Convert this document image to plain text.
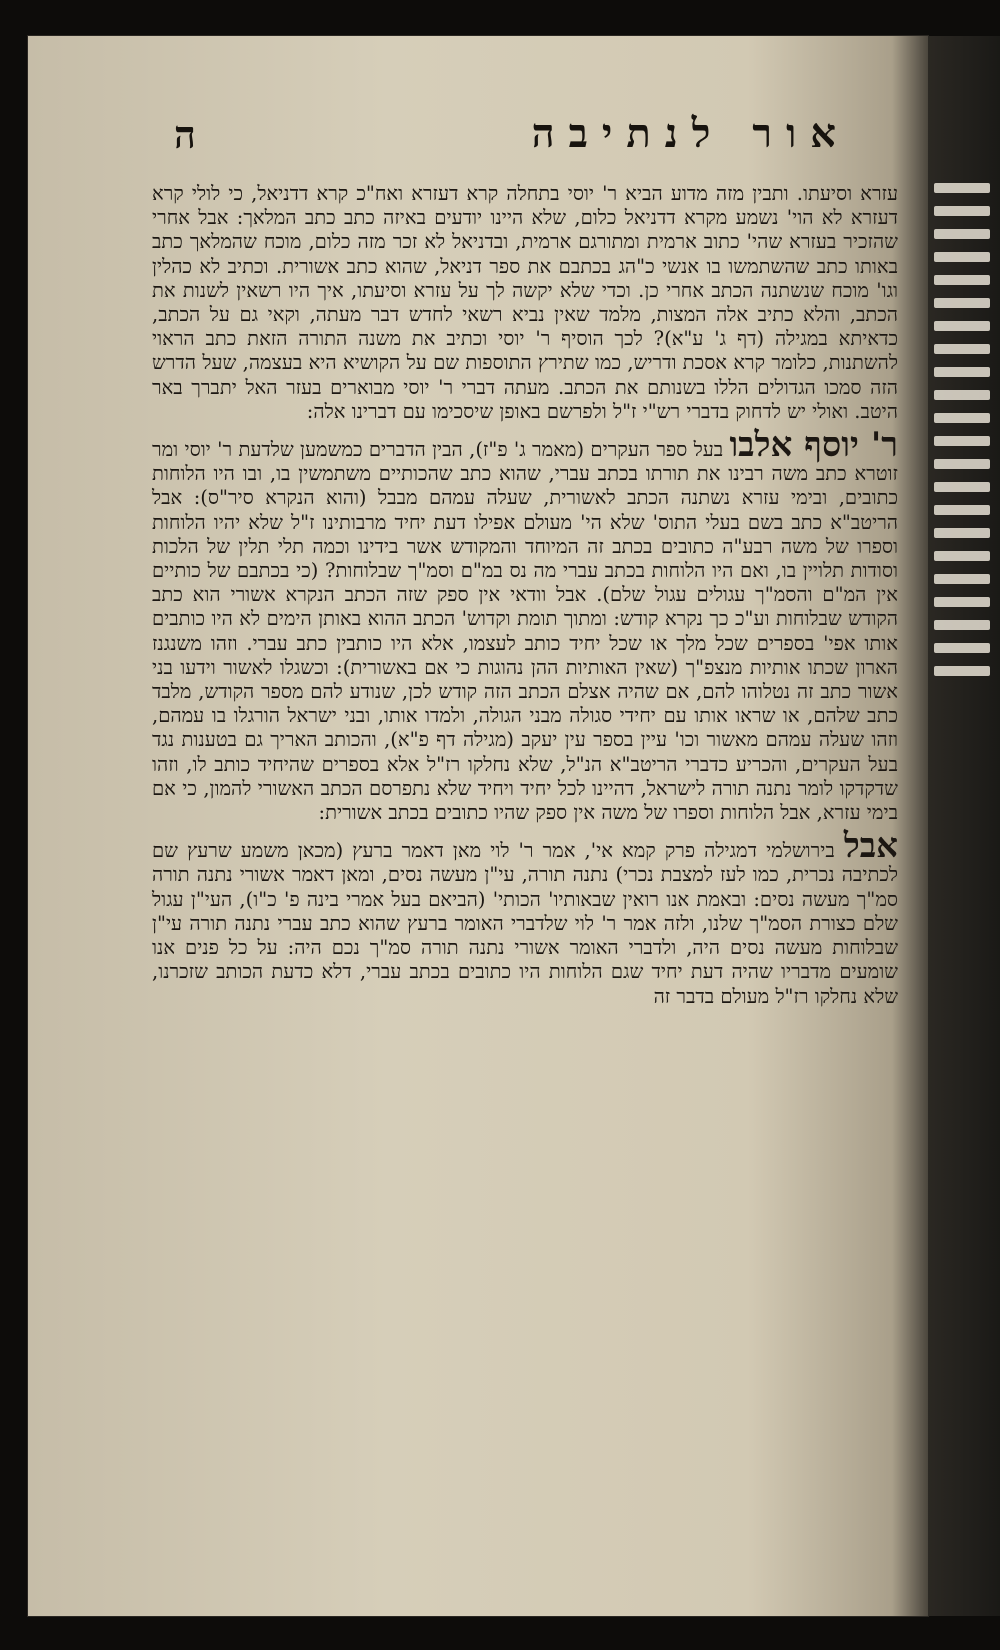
אור לנתיבה
ה

עזרא וסיעתו. ותבין מזה מדוע הביא ר' יוסי בתחלה קרא דעזרא ואח"כ קרא דדניאל, כי לולי קרא דעזרא לא הוי' נשמע מקרא דדניאל כלום, שלא היינו יודעים באיזה כתב כתב המלאך: אבל אחרי שהזכיר בעזרא שהי' כתוב ארמית ומתורגם ארמית, ובדניאל לא זכר מזה כלום, מוכח שהמלאך כתב באותו כתב שהשתמשו בו אנשי כ"הג בכתבם את ספר דניאל, שהוא כתב אשורית. וכתיב לא כהלין וגו' מוכח שנשתנה הכתב אחרי כן. וכדי שלא יקשה לך על עזרא וסיעתו, איך היו רשאין לשנות את הכתב, והלא כתיב אלה המצות, מלמד שאין נביא רשאי לחדש דבר מעתה, וקאי גם על הכתב, כדאיתא במגילה (דף ג' ע"א)? לכך הוסיף ר' יוסי וכתיב את משנה התורה הזאת כתב הראוי להשתנות, כלומר קרא אסכת ודריש, כמו שתירץ התוספות שם על הקושיא היא בעצמה, שעל הדרש הזה סמכו הגדולים הללו בשנותם את הכתב. מעתה דברי ר' יוסי מבוארים בעזר האל יתברך באר היטב. ואולי יש לדחוק בדברי רש"י ז"ל ולפרשם באופן שיסכימו עם דברינו אלה:

ר' יוסף אלבו בעל ספר העקרים (מאמר ג' פ"ז), הבין הדברים כמשמען שלדעת ר' יוסי ומר זוטרא כתב משה רבינו את תורתו בכתב עברי, שהוא כתב שהכותיים משתמשין בו, ובו היו הלוחות כתובים, ובימי עזרא נשתנה הכתב לאשורית, שעלה עמהם מבבל (והוא הנקרא סיר"ס): אבל הריטב"א כתב בשם בעלי התוס' שלא הי' מעולם אפילו דעת יחיד מרבותינו ז"ל שלא יהיו הלוחות וספרו של משה רבע"ה כתובים בכתב זה המיוחד והמקודש אשר בידינו וכמה תלי תלין של הלכות וסודות תלויין בו, ואם היו הלוחות בכתב עברי מה נס במ"ם וסמ"ך שבלוחות? (כי בכתבם של כותיים אין המ"ם והסמ"ך עגולים עגול שלם). אבל וודאי אין ספק שזה הכתב הנקרא אשורי הוא כתב הקודש שבלוחות וע"כ כך נקרא קודש: ומתוך תומת וקדוש' הכתב ההוא באותן הימים לא היו כותבים אותו אפי' בספרים שכל מלך או שכל יחיד כותב לעצמו, אלא היו כותבין כתב עברי. וזהו משנגנז הארון שכתו אותיות מנצפ"ך (שאין האותיות ההן נהוגות כי אם באשורית): וכשגלו לאשור וידעו בני אשור כתב זה נטלוהו להם, אם שהיה אצלם הכתב הזה קודש לכן, שנודע להם מספר הקודש, מלבד כתב שלהם, או שראו אותו עם יחידי סגולה מבני הגולה, ולמדו אותו, ובני ישראל הורגלו בו עמהם, וזהו שעלה עמהם מאשור וכו' עיין בספר עין יעקב (מגילה דף פ"א), והכותב האריך גם בטענות נגד בעל העקרים, והכריע כדברי הריטב"א הנ"ל, שלא נחלקו רז"ל אלא בספרים שהיחיד כותב לו, וזהו שדקדקו לומר נתנה תורה לישראל, דהיינו לכל יחיד ויחיד שלא נתפרסם הכתב האשורי להמון, כי אם בימי עזרא, אבל הלוחות וספרו של משה אין ספק שהיו כתובים בכתב אשורית:

אבל בירושלמי דמגילה פרק קמא אי', אמר ר' לוי מאן דאמר ברעץ (מכאן משמע שרעץ שם לכתיבה נכרית, כמו לעז למצבת נכרי) נתנה תורה, עי"ן מעשה נסים, ומאן דאמר אשורי נתנה תורה סמ"ך מעשה נסים: ובאמת אנו רואין שבאותיו' הכותי' (הביאם בעל אמרי בינה פ' כ"ו), העי"ן עגול שלם כצורת הסמ"ך שלנו, ולזה אמר ר' לוי שלדברי האומר ברעץ שהוא כתב עברי נתנה תורה עי"ן שבלוחות מעשה נסים היה, ולדברי האומר אשורי נתנה תורה סמ"ך נכם היה: על כל פנים אנו שומעים מדבריו שהיה דעת יחיד שגם הלוחות היו כתובים בכתב עברי, דלא כדעת הכותב שזכרנו, שלא נחלקו רז"ל מעולם בדבר זה
